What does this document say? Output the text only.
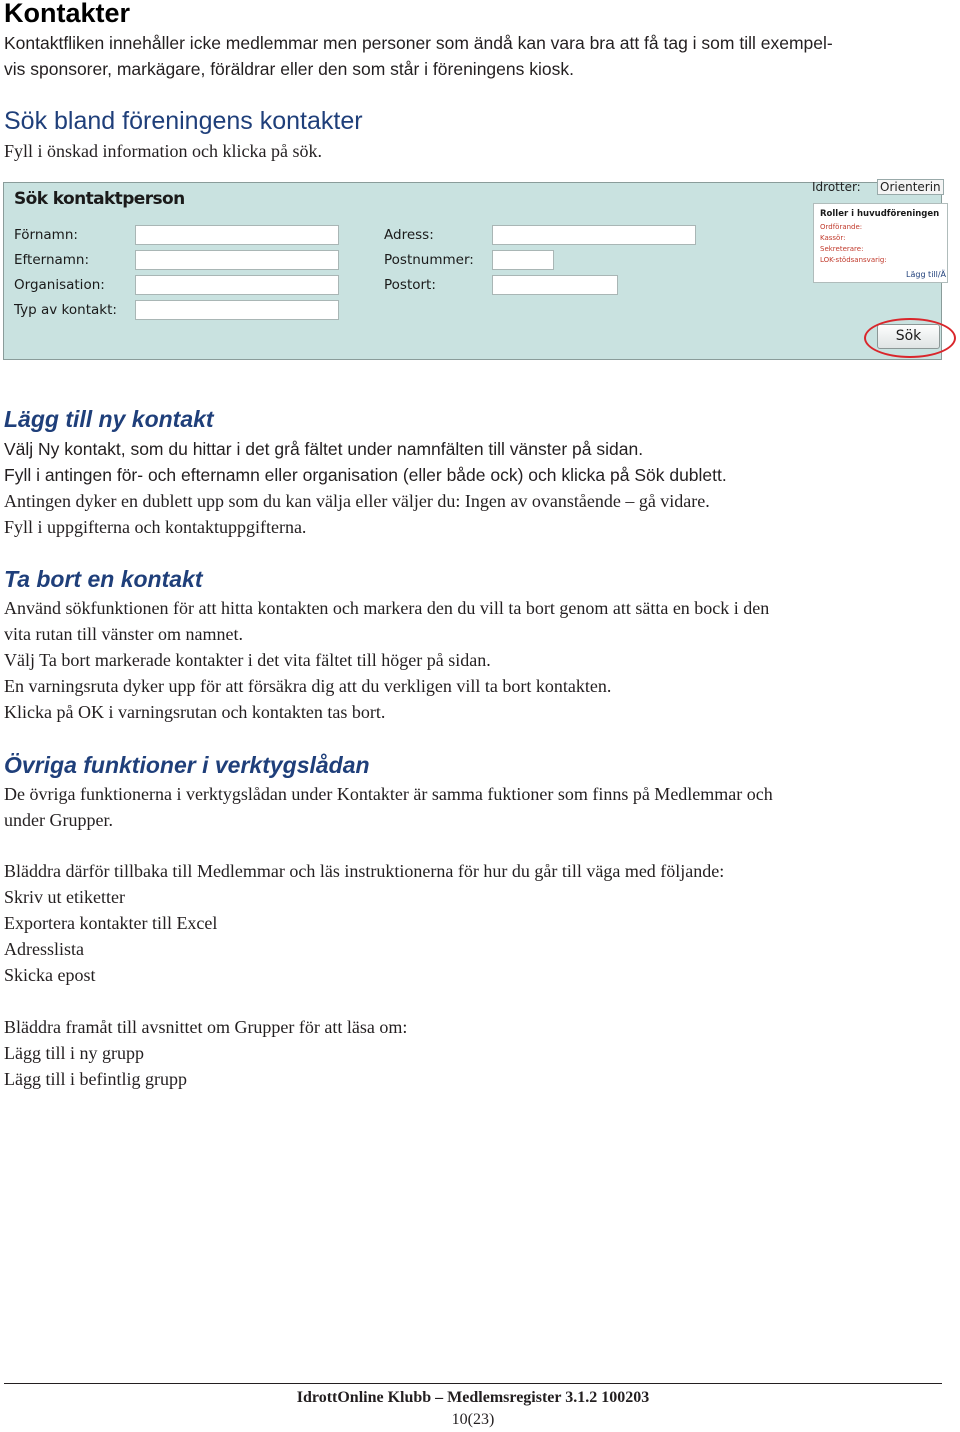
Kontakter
Kontaktfliken innehåller icke medlemmar men personer som ändå kan vara bra att få tag i som till exempel-
vis sponsorer, markägare, föräldrar eller den som står i föreningens kiosk.
Sök bland föreningens kontakter
Fyll i önskad information och klicka på sök.
Sök kontaktperson
Förnamn:
Efternamn:
Organisation:
Typ av kontakt:
Adress:
Postnummer:
Postort:
Idrotter: Orienterin
Roller i huvudföreningen
Ordförande:
Kassör:
Sekreterare:
LOK-stödsansvarig:
Lägg till/Ä
Sök
Lägg till ny kontakt
Välj Ny kontakt, som du hittar i det grå fältet under namnfälten till vänster på sidan.
Fyll i antingen för- och efternamn eller organisation (eller både ock) och klicka på Sök dublett.
Antingen dyker en dublett upp som du kan välja eller väljer du: Ingen av ovanstående – gå vidare.
Fyll i uppgifterna och kontaktuppgifterna.
Ta bort en kontakt
Använd sökfunktionen för att hitta kontakten och markera den du vill ta bort genom att sätta en bock i den
vita rutan till vänster om namnet.
Välj Ta bort markerade kontakter i det vita fältet till höger på sidan.
En varningsruta dyker upp för att försäkra dig att du verkligen vill ta bort kontakten.
Klicka på OK i varningsrutan och kontakten tas bort.
Övriga funktioner i verktygslådan
De övriga funktionerna i verktygslådan under Kontakter är samma fuktioner som finns på Medlemmar och
under Grupper.
Bläddra därför tillbaka till Medlemmar och läs instruktionerna för hur du går till väga med följande:
Skriv ut etiketter
Exportera kontakter till Excel
Adresslista
Skicka epost
Bläddra framåt till avsnittet om Grupper för att läsa om:
Lägg till i ny grupp
Lägg till i befintlig grupp
IdrottOnline Klubb – Medlemsregister 3.1.2 100203
10(23)
